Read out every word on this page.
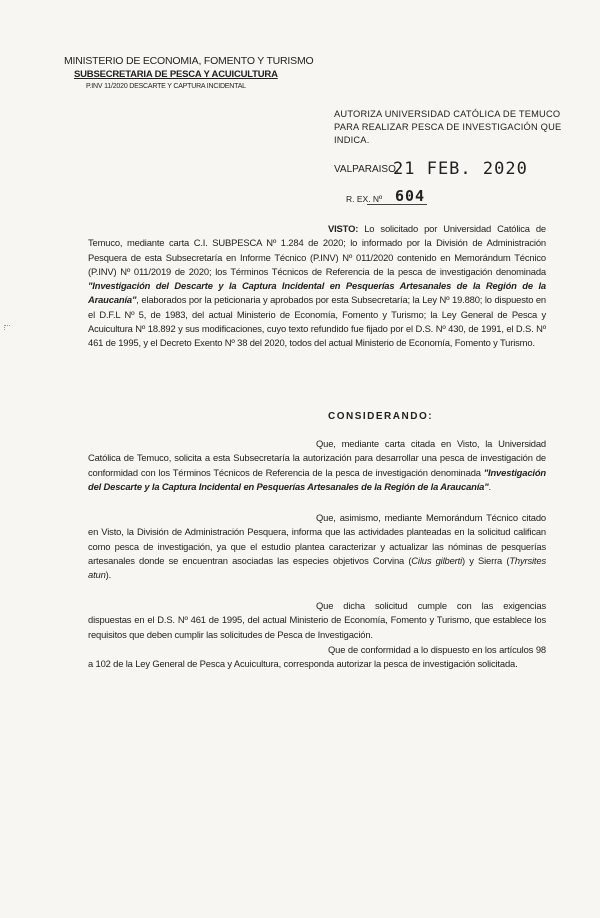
MINISTERIO DE ECONOMIA, FOMENTO Y TURISMO
SUBSECRETARIA DE PESCA Y ACUICULTURA
P.INV 11/2020 DESCARTE Y CAPTURA INCIDENTAL
AUTORIZA UNIVERSIDAD CATÓLICA DE TEMUCO PARA REALIZAR PESCA DE INVESTIGACIÓN QUE INDICA.
VALPARAISO,
21 FEB. 2020
R. EX. Nº 604
VISTO: Lo solicitado por Universidad Católica de Temuco, mediante carta C.I. SUBPESCA Nº 1.284 de 2020; lo informado por la División de Administración Pesquera de esta Subsecretaría en Informe Técnico (P.INV) Nº 011/2020 contenido en Memorándum Técnico (P.INV) Nº 011/2019 de 2020; los Términos Técnicos de Referencia de la pesca de investigación denominada "Investigación del Descarte y la Captura Incidental en Pesquerías Artesanales de la Región de la Araucanía", elaborados por la peticionaria y aprobados por esta Subsecretaría; la Ley Nº 19.880; lo dispuesto en el D.F.L Nº 5, de 1983, del actual Ministerio de Economía, Fomento y Turismo; la Ley General de Pesca y Acuicultura Nº 18.892 y sus modificaciones, cuyo texto refundido fue fijado por el D.S. Nº 430, de 1991, el D.S. Nº 461 de 1995, y el Decreto Exento Nº 38 del 2020, todos del actual Ministerio de Economía, Fomento y Turismo.
CONSIDERANDO:
Que, mediante carta citada en Visto, la Universidad Católica de Temuco, solicita a esta Subsecretaría la autorización para desarrollar una pesca de investigación de conformidad con los Términos Técnicos de Referencia de la pesca de investigación denominada "Investigación del Descarte y la Captura Incidental en Pesquerías Artesanales de la Región de la Araucanía".
Que, asimismo, mediante Memorándum Técnico citado en Visto, la División de Administración Pesquera, informa que las actividades planteadas en la solicitud califican como pesca de investigación, ya que el estudio plantea caracterizar y actualizar las nóminas de pesquerías artesanales donde se encuentran asociadas las especies objetivos Corvina (Cilus gilberti) y Sierra (Thyrsites atun).
Que dicha solicitud cumple con las exigencias dispuestas en el D.S. Nº 461 de 1995, del actual Ministerio de Economía, Fomento y Turismo, que establece los requisitos que deben cumplir las solicitudes de Pesca de Investigación.
Que de conformidad a lo dispuesto en los artículos 98 a 102 de la Ley General de Pesca y Acuicultura, corresponda autorizar la pesca de investigación solicitada.
